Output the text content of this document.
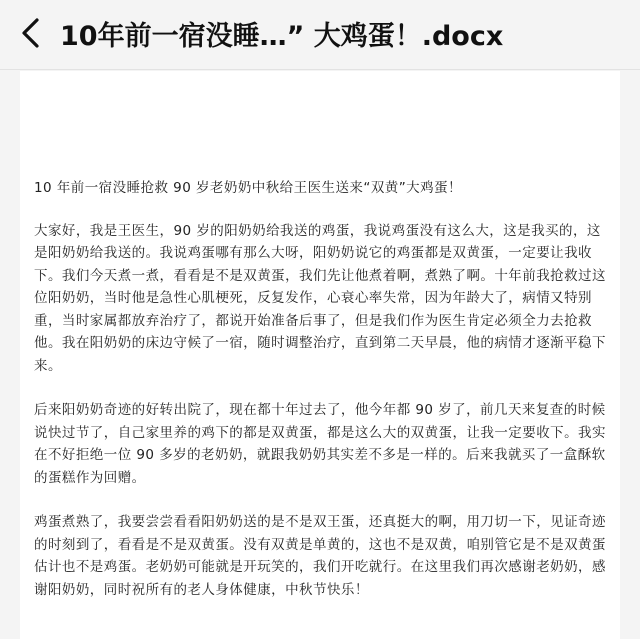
10年前一宿没睡…” 大鸡蛋！.docx

10 年前一宿没睡抢救 90 岁老奶奶中秋给王医生送来“双黄”大鸡蛋！

大家好，我是王医生，90 岁的阳奶奶给我送的鸡蛋，我说鸡蛋没有这么大，这是我买的，这是阳奶奶给我送的。我说鸡蛋哪有那么大呀，阳奶奶说它的鸡蛋都是双黄蛋，一定要让我收下。我们今天煮一煮，看看是不是双黄蛋，我们先让他煮着啊，煮熟了啊。十年前我抢救过这位阳奶奶，当时他是急性心肌梗死，反复发作，心衰心率失常，因为年龄大了，病情又特别重，当时家属都放弃治疗了，都说开始准备后事了，但是我们作为医生肯定必须全力去抢救他。我在阳奶奶的床边守候了一宿，随时调整治疗，直到第二天早晨，他的病情才逐渐平稳下来。

后来阳奶奶奇迹的好转出院了，现在都十年过去了，他今年都 90 岁了，前几天来复查的时候说快过节了，自己家里养的鸡下的都是双黄蛋，都是这么大的双黄蛋，让我一定要收下。我实在不好拒绝一位 90 多岁的老奶奶，就跟我奶奶其实差不多是一样的。后来我就买了一盒酥软的蛋糕作为回赠。

鸡蛋煮熟了，我要尝尝看看阳奶奶送的是不是双王蛋，还真挺大的啊，用刀切一下，见证奇迹的时刻到了，看看是不是双黄蛋。没有双黄是单黄的，这也不是双黄，咱别管它是不是双黄蛋估计也不是鸡蛋。老奶奶可能就是开玩笑的，我们开吃就行。在这里我们再次感谢老奶奶，感谢阳奶奶，同时祝所有的老人身体健康，中秋节快乐！
